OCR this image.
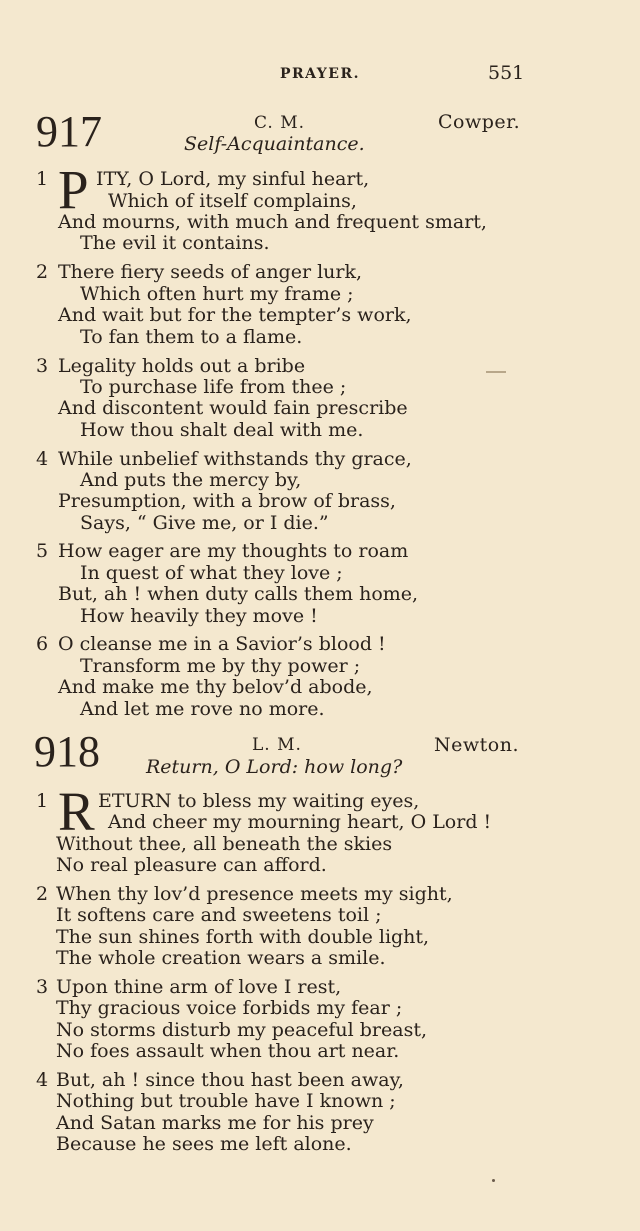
PRAYER.	551
917	C. M.	Cowper.
Self-Acquaintance.
1 P ITY, O Lord, my sinful heart,
Which of itself complains,
And mourns, with much and frequent smart,
The evil it contains.
2 There fiery seeds of anger lurk,
Which often hurt my frame ;
And wait but for the tempter’s work,
To fan them to a flame.
3 Legality holds out a bribe
To purchase life from thee ;
And discontent would fain prescribe
How thou shalt deal with me.
4 While unbelief withstands thy grace,
And puts the mercy by,
Presumption, with a brow of brass,
Says, “ Give me, or I die.”
5 How eager are my thoughts to roam
In quest of what they love ;
But, ah ! when duty calls them home,
How heavily they move !
6 O cleanse me in a Savior’s blood !
Transform me by thy power ;
And make me thy belov’d abode,
And let me rove no more.
918	L. M.	Newton.
Return, O Lord: how long?
1 R ETURN to bless my waiting eyes,
And cheer my mourning heart, O Lord !
Without thee, all beneath the skies
No real pleasure can afford.
2 When thy lov’d presence meets my sight,
It softens care and sweetens toil ;
The sun shines forth with double light,
The whole creation wears a smile.
3 Upon thine arm of love I rest,
Thy gracious voice forbids my fear ;
No storms disturb my peaceful breast,
No foes assault when thou art near.
4 But, ah ! since thou hast been away,
Nothing but trouble have I known ;
And Satan marks me for his prey
Because he sees me left alone.
